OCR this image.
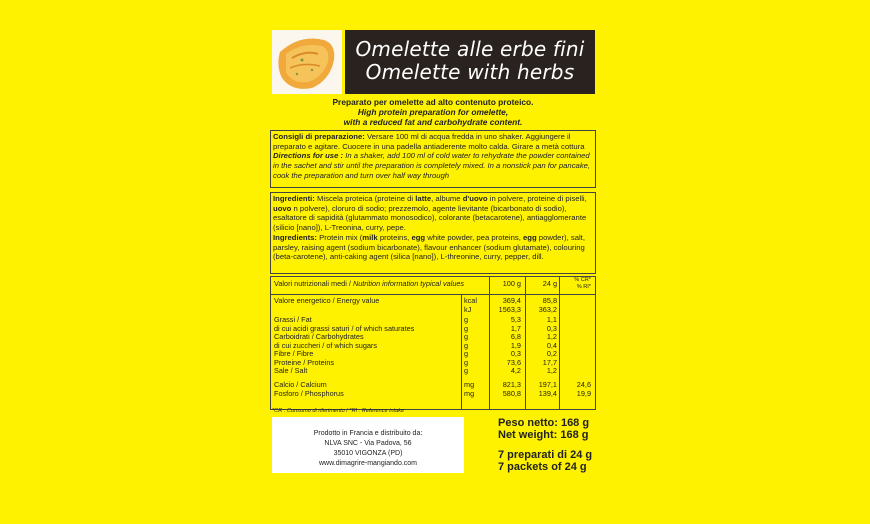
Omelette alle erbe fini
Omelette with herbs
Preparato per omelette ad alto contenuto proteico.
High protein preparation for omelette,
with a reduced fat and carbohydrate content.
Consigli di preparazione: Versare 100 ml di acqua fredda in uno shaker. Aggiungere il preparato e agitare. Cuocere in una padella antiaderente molto calda. Girare a metà cottura Directions for use : In a shaker, add 100 ml of cold water to rehydrate the powder contained in the sachet and stir until the preparation is completely mixed. In a nonstick pan for pancake, cook the preparation and turn over half way through
Ingredienti: Miscela proteica (proteine di latte, albume d'uovo in polvere, proteine di piselli, uovo n polvere), cloruro di sodio; prezzemolo, agente lievitante (bicarbonato di sodio), esaltatore di sapidità (glutammato monosodico), colorante (betacarotene), antiagglomerante (silicio [nano]), L-Treonina, curry, pepe.
Ingredients: Protein mix (milk proteins, egg white powder, pea proteins, egg powder), salt, parsley, raising agent (sodium bicarbonate), flavour enhancer (sodium glutamate), colouring (beta-carotene), anti-caking agent (silica [nano]), L-threonine, curry, pepper, dill.
Valori nutrizionali medi / Nutrition information typical values	100 g	24 g	% CR*
% RI*
Valore energetico / Energy value	kcal	369,4	85,8
kJ	1563,3	363,2
Grassi / Fat	g	5,3	1,1
di cui acidi grassi saturi / of which saturates	g	1,7	0,3
Carboidrati / Carbohydrates	g	6,8	1,2
di cui zuccheri / of which sugars	g	1,9	0,4
Fibre / Fibre	g	0,3	0,2
Proteine / Proteins	g	73,6	17,7
Sale / Salt	g	4,2	1,2
Calcio / Calcium	mg	821,3	197,1	24,6
Fosforo / Phosphorus	mg	580,8	139,4	19,9
*CR : Consumo di riferimento / *RI : Reference intake
Prodotto in Francia e distribuito da:
NLVA SNC - Via Padova, 56
35010 VIGONZA (PD)
www.dimagrire-mangiando.com
Peso netto: 168 g
Net weight: 168 g
7 preparati di 24 g
7 packets of 24 g
